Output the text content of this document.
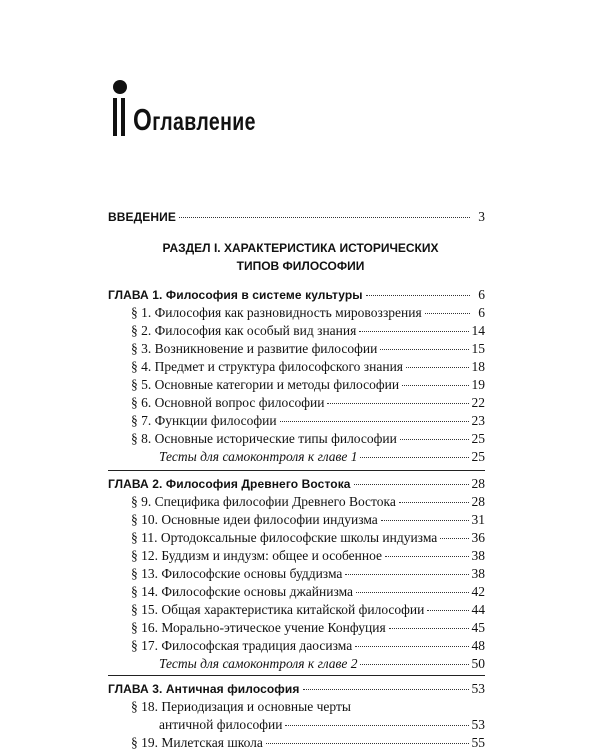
Оглавление
ВВЕДЕНИЕ	3
РАЗДЕЛ I. ХАРАКТЕРИСТИКА ИСТОРИЧЕСКИХ
ТИПОВ ФИЛОСОФИИ
ГЛАВА 1. Философия в системе культуры	6
§ 1. Философия как разновидность мировоззрения	6
§ 2. Философия как особый вид знания	14
§ 3. Возникновение и развитие философии	15
§ 4. Предмет и структура философского знания	18
§ 5. Основные категории и методы философии	19
§ 6. Основной вопрос философии	22
§ 7. Функции философии	23
§ 8. Основные исторические типы философии	25
Тесты для самоконтроля к главе 1	25
ГЛАВА 2. Философия Древнего Востока	28
§ 9. Специфика философии Древнего Востока	28
§ 10. Основные идеи философии индуизма	31
§ 11. Ортодоксальные философские школы индуизма	36
§ 12. Буддизм и индузм: общее и особенное	38
§ 13. Философские основы буддизма	38
§ 14. Философские основы джайнизма	42
§ 15. Общая характеристика китайской философии	44
§ 16. Морально-этическое учение Конфуция	45
§ 17. Философская традиция даосизма	48
Тесты для самоконтроля к главе 2	50
ГЛАВА 3. Античная философия	53
§ 18. Периодизация и основные черты
античной философии	53
§ 19. Милетская школа	55
